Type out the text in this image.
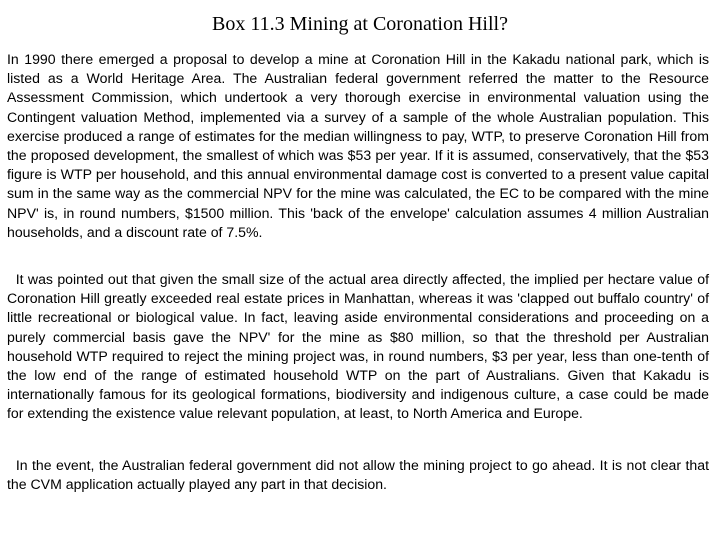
Box 11.3 Mining at Coronation Hill?

In 1990 there emerged a proposal to develop a mine at Coronation Hill in the Kakadu national park, which is listed as a World Heritage Area. The Australian federal government referred the matter to the Resource Assessment Commission, which undertook a very thorough exercise in environmental valuation using the Contingent valuation Method, implemented via a survey of a sample of the whole Australian population. This exercise produced a range of estimates for the median willingness to pay, WTP, to preserve Coronation Hill from the proposed development, the smallest of which was $53 per year. If it is assumed, conservatively, that the $53 figure is WTP per household, and this annual environmental damage cost is converted to a present value capital sum in the same way as the commercial NPV for the mine was calculated, the EC to be compared with the mine NPV' is, in round numbers, $1500 million. This 'back of the envelope' calculation assumes 4 million Australian households, and a discount rate of 7.5%.

It was pointed out that given the small size of the actual area directly affected, the implied per hectare value of Coronation Hill greatly exceeded real estate prices in Manhattan, whereas it was 'clapped out buffalo country' of little recreational or biological value. In fact, leaving aside environmental considerations and proceeding on a purely commercial basis gave the NPV' for the mine as $80 million, so that the threshold per Australian household WTP required to reject the mining project was, in round numbers, $3 per year, less than one-tenth of the low end of the range of estimated household WTP on the part of Australians. Given that Kakadu is internationally famous for its geological formations, biodiversity and indigenous culture, a case could be made for extending the existence value relevant population, at least, to North America and Europe.

In the event, the Australian federal government did not allow the mining project to go ahead. It is not clear that the CVM application actually played any part in that decision.
